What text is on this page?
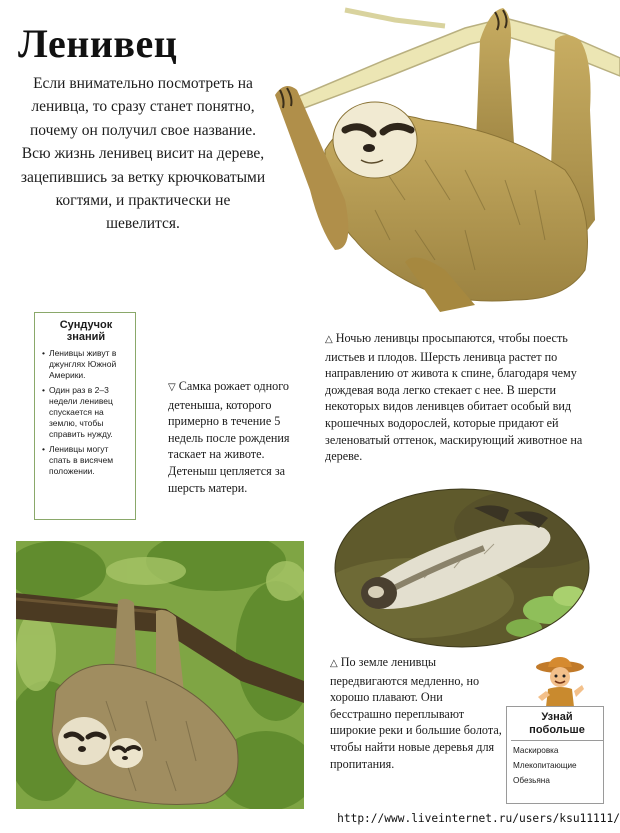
Ленивец

Если внимательно посмотреть на ленивца, то сразу станет понятно, почему он получил свое название. Всю жизнь ленивец висит на дереве, зацепившись за ветку крючковатыми когтями, и практически не шевелится.

Сундучок
знаний
• Ленивцы живут в джунглях Южной Америки.
• Один раз в 2–3 недели ленивец спускается на землю, чтобы справить нужду.
• Ленивцы могут спать в висячем положении.

▽ Самка рожает одного детеныша, которого примерно в течение 5 недель после рождения таскает на животе. Детеныш цепляется за шерсть матери.

△ Ночью ленивцы просыпаются, чтобы поесть листьев и плодов. Шерсть ленивца растет по направлению от живота к спине, благодаря чему дождевая вода легко стекает с нее. В шерсти некоторых видов ленивцев обитает особый вид крошечных водорослей, которые придают ей зеленоватый оттенок, маскирующий животное на дереве.

△ По земле ленивцы передвигаются медленно, но хорошо плавают. Они бесстрашно переплывают широкие реки и большие болота, чтобы найти новые деревья для пропитания.

Узнай
побольше
Маскировка
Млекопитающие
Обезьяна
http://www.liveinternet.ru/users/ksu11111/
